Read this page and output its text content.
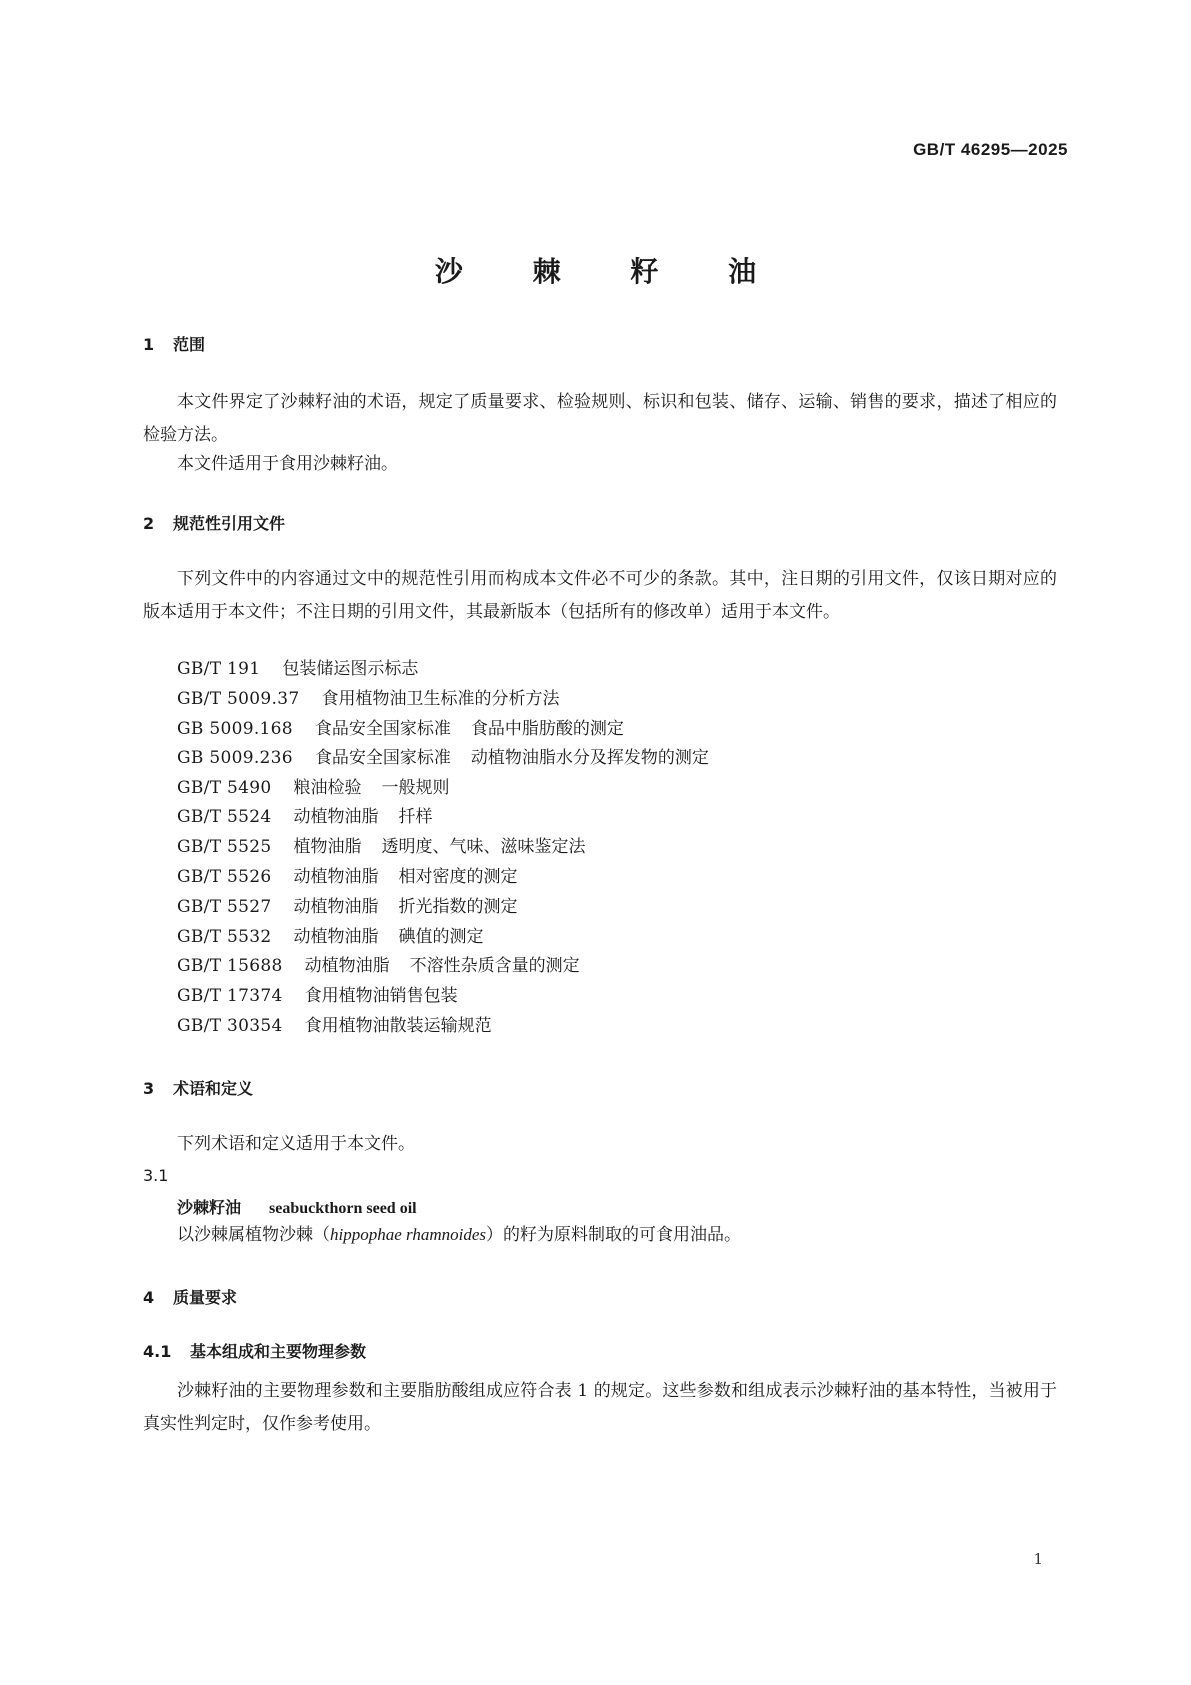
GB/T 46295—2025
沙 棘 籽 油
1 范围
本文件界定了沙棘籽油的术语，规定了质量要求、检验规则、标识和包装、储存、运输、销售的要求，描述了相应的检验方法。
本文件适用于食用沙棘籽油。
2 规范性引用文件
下列文件中的内容通过文中的规范性引用而构成本文件必不可少的条款。其中，注日期的引用文件，仅该日期对应的版本适用于本文件；不注日期的引用文件，其最新版本（包括所有的修改单）适用于本文件。
GB/T 191 包装储运图示标志
GB/T 5009.37 食用植物油卫生标准的分析方法
GB 5009.168 食品安全国家标准 食品中脂肪酸的测定
GB 5009.236 食品安全国家标准 动植物油脂水分及挥发物的测定
GB/T 5490 粮油检验 一般规则
GB/T 5524 动植物油脂 扦样
GB/T 5525 植物油脂 透明度、气味、滋味鉴定法
GB/T 5526 动植物油脂 相对密度的测定
GB/T 5527 动植物油脂 折光指数的测定
GB/T 5532 动植物油脂 碘值的测定
GB/T 15688 动植物油脂 不溶性杂质含量的测定
GB/T 17374 食用植物油销售包装
GB/T 30354 食用植物油散装运输规范
3 术语和定义
下列术语和定义适用于本文件。
3.1
沙棘籽油 seabuckthorn seed oil
以沙棘属植物沙棘（hippophae rhamnoides）的籽为原料制取的可食用油品。
4 质量要求
4.1 基本组成和主要物理参数
沙棘籽油的主要物理参数和主要脂肪酸组成应符合表 1 的规定。这些参数和组成表示沙棘籽油的基本特性，当被用于真实性判定时，仅作参考使用。
1
